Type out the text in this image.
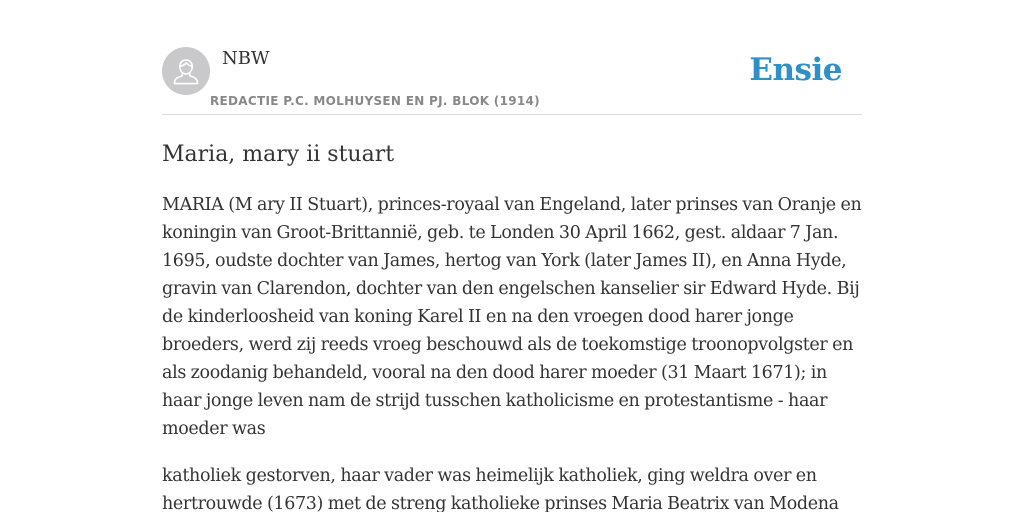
NBW
REDACTIE P.C. MOLHUYSEN EN PJ. BLOK (1914)
Ensie
Maria, mary ii stuart

MARIA (M ary II Stuart), princes-royaal van Engeland, later prinses van Oranje en koningin van Groot-Brittannië, geb. te Londen 30 April 1662, gest. aldaar 7 Jan. 1695, oudste dochter van James, hertog van York (later James II), en Anna Hyde, gravin van Clarendon, dochter van den engelschen kanselier sir Edward Hyde. Bij de kinderloosheid van koning Karel II en na den vroegen dood harer jonge broeders, werd zij reeds vroeg beschouwd als de toekomstige troonopvolgster en als zoodanig behandeld, vooral na den dood harer moeder (31 Maart 1671); in haar jonge leven nam de strijd tusschen katholicisme en protestantisme - haar moeder was

katholiek gestorven, haar vader was heimelijk katholiek, ging weldra over en hertrouwde (1673) met de streng katholieke prinses Maria Beatrix van Modena
